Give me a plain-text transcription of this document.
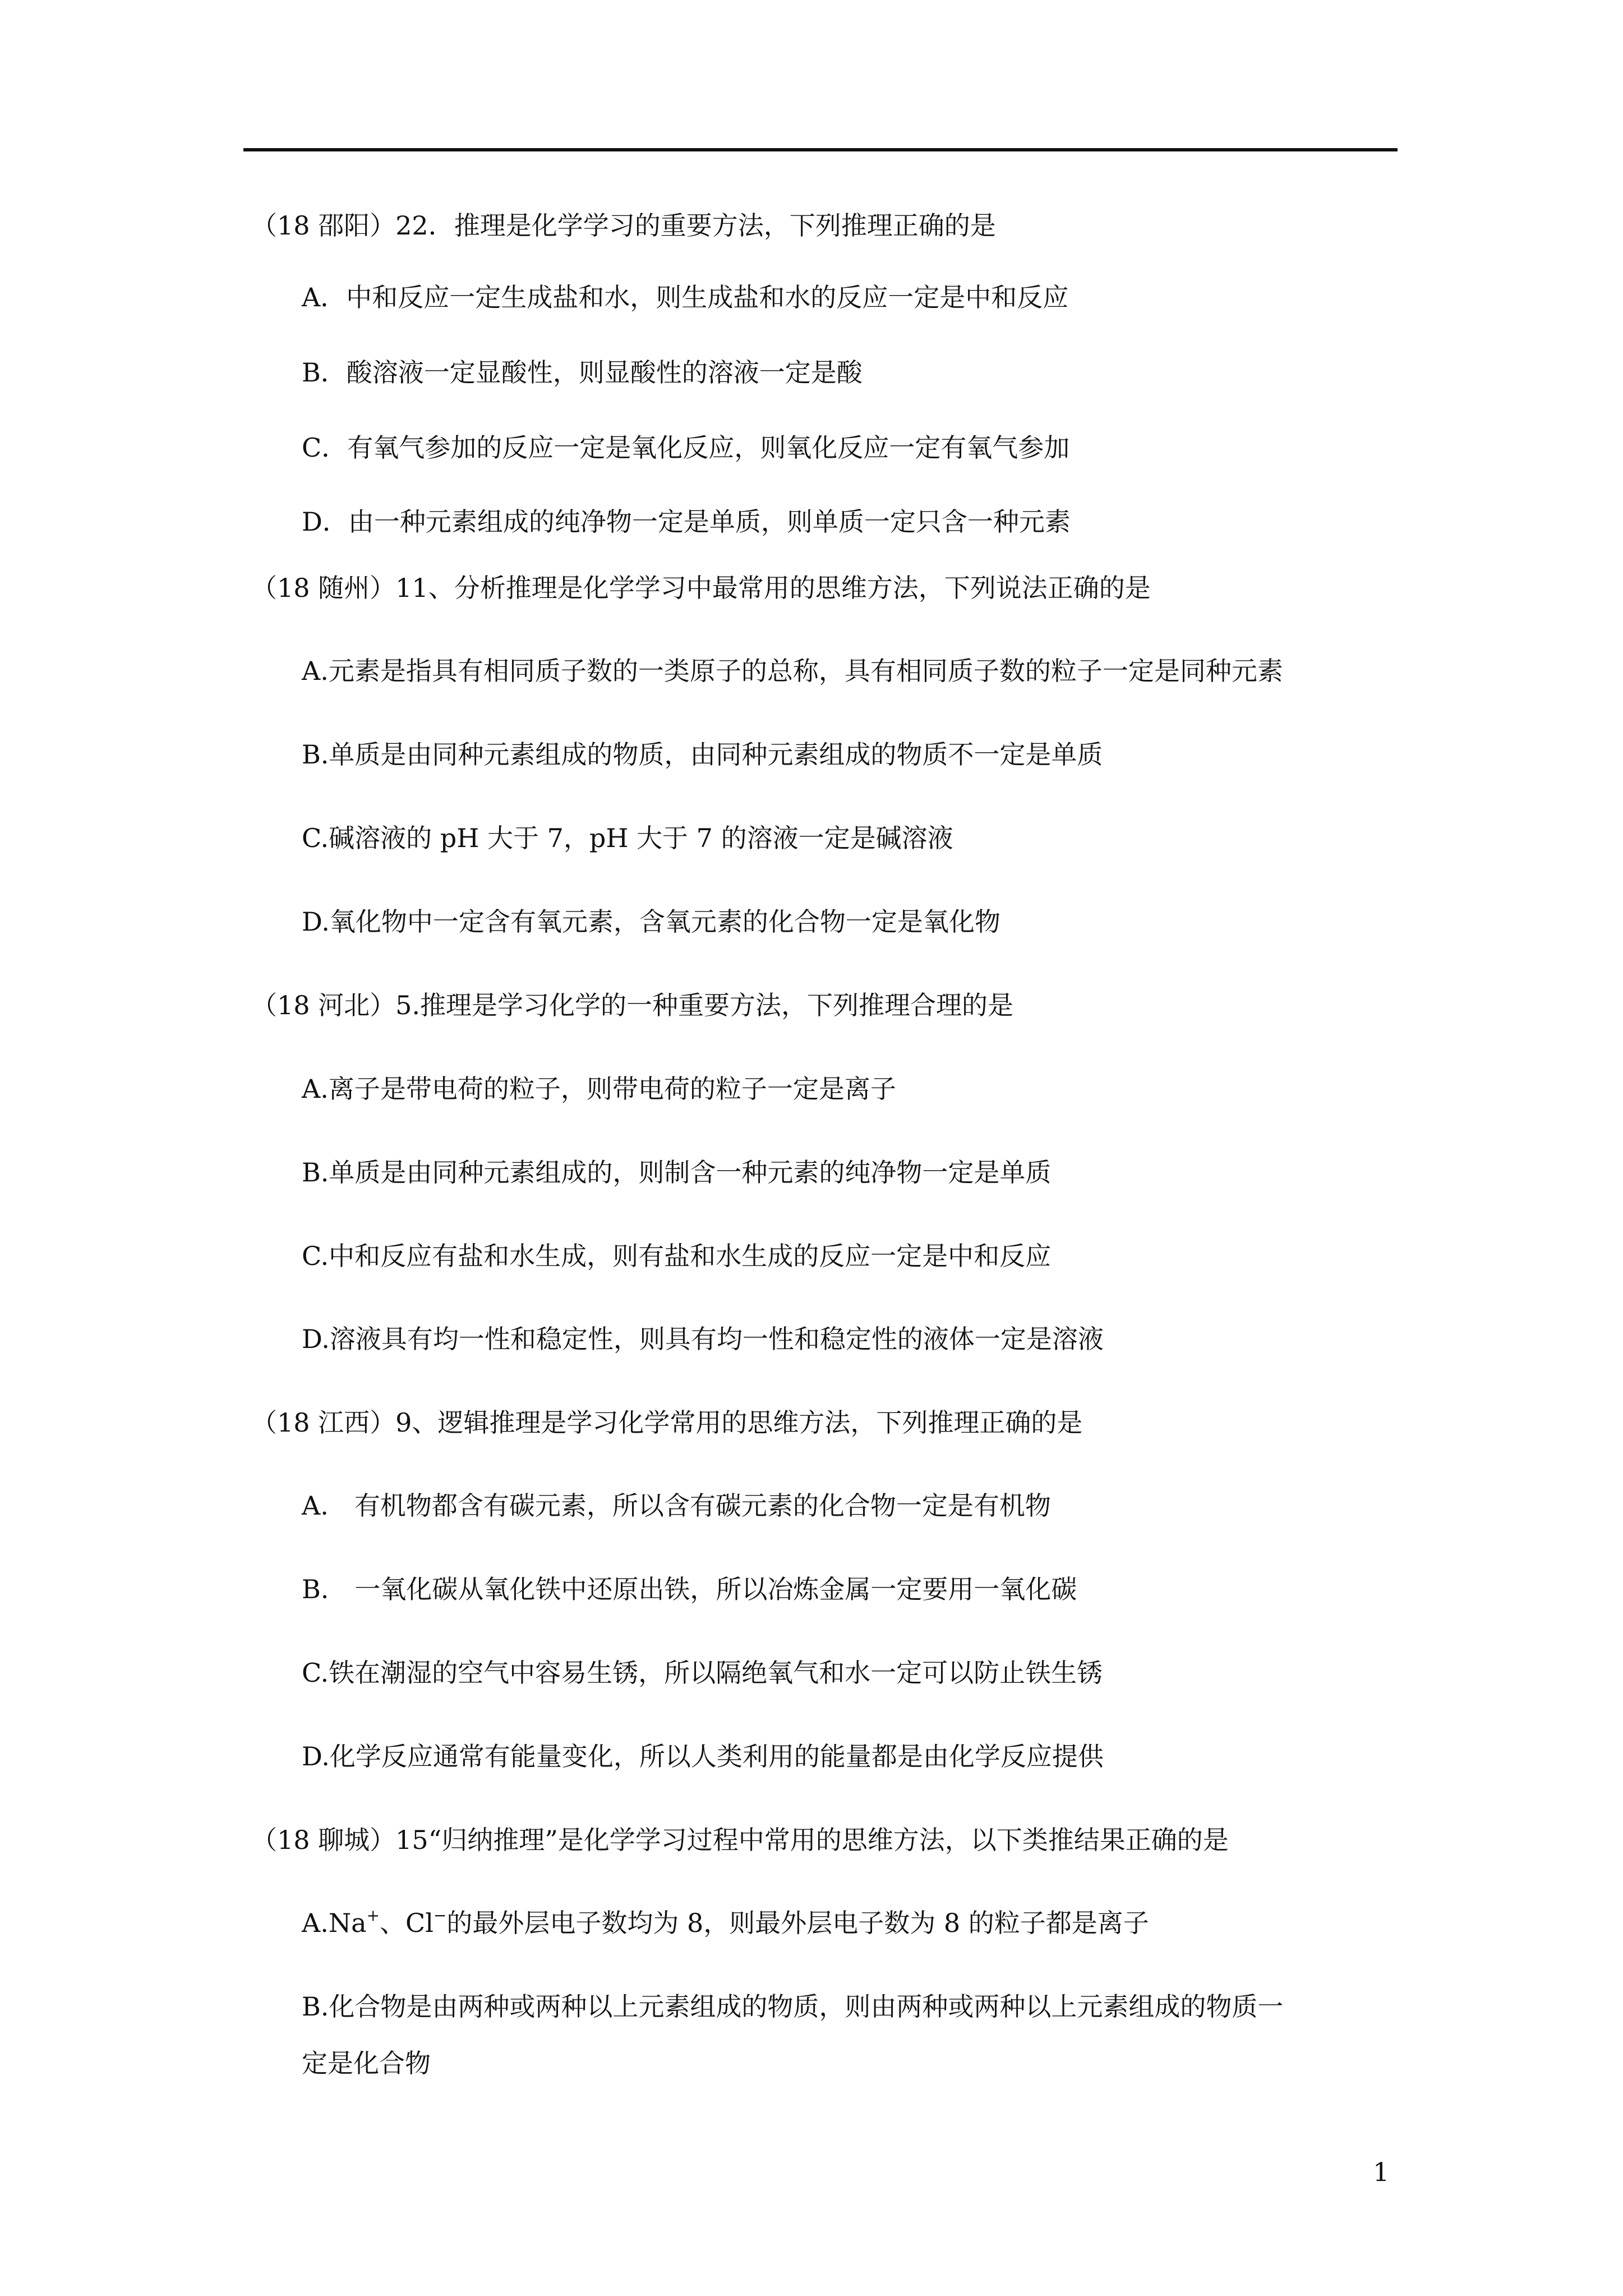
（18 邵阳）22．推理是化学学习的重要方法，下列推理正确的是
A．中和反应一定生成盐和水，则生成盐和水的反应一定是中和反应
B．酸溶液一定显酸性，则显酸性的溶液一定是酸
C．有氧气参加的反应一定是氧化反应，则氧化反应一定有氧气参加
D．由一种元素组成的纯净物一定是单质，则单质一定只含一种元素
（18 随州）11、分析推理是化学学习中最常用的思维方法，下列说法正确的是
A.元素是指具有相同质子数的一类原子的总称，具有相同质子数的粒子一定是同种元素
B.单质是由同种元素组成的物质，由同种元素组成的物质不一定是单质
C.碱溶液的 pH 大于 7，pH 大于 7 的溶液一定是碱溶液
D.氧化物中一定含有氧元素，含氧元素的化合物一定是氧化物
（18 河北）5.推理是学习化学的一种重要方法，下列推理合理的是
A.离子是带电荷的粒子，则带电荷的粒子一定是离子
B.单质是由同种元素组成的，则制含一种元素的纯净物一定是单质
C.中和反应有盐和水生成，则有盐和水生成的反应一定是中和反应
D.溶液具有均一性和稳定性，则具有均一性和稳定性的液体一定是溶液
（18 江西）9、逻辑推理是学习化学常用的思维方法，下列推理正确的是
A.　有机物都含有碳元素，所以含有碳元素的化合物一定是有机物
B.　一氧化碳从氧化铁中还原出铁，所以冶炼金属一定要用一氧化碳
C.铁在潮湿的空气中容易生锈，所以隔绝氧气和水一定可以防止铁生锈
D.化学反应通常有能量变化，所以人类利用的能量都是由化学反应提供
（18 聊城）15“归纳推理”是化学学习过程中常用的思维方法，以下类推结果正确的是
A.Na+、Cl−的最外层电子数均为 8，则最外层电子数为 8 的粒子都是离子
B.化合物是由两种或两种以上元素组成的物质，则由两种或两种以上元素组成的物质一
定是化合物
1
